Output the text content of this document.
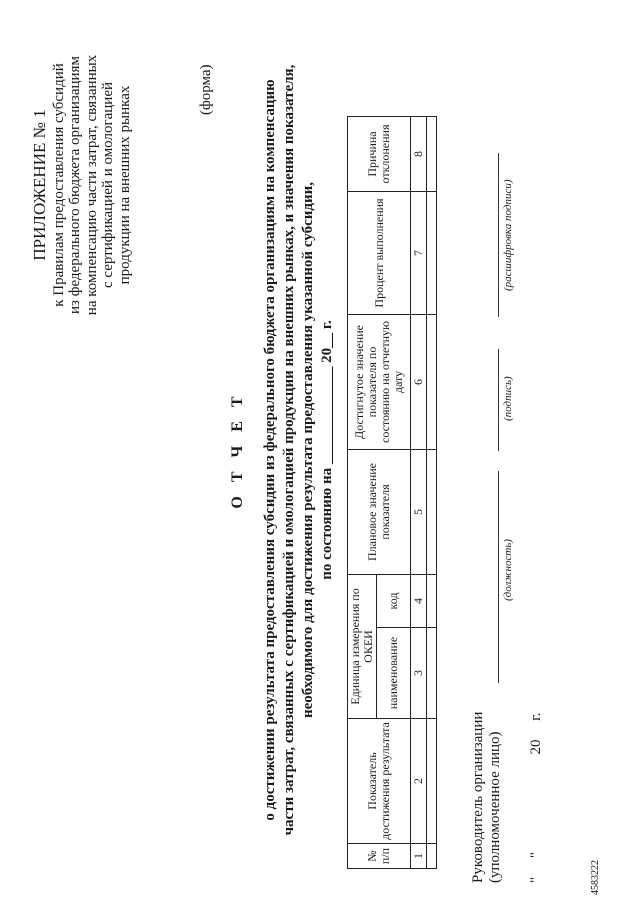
ПРИЛОЖЕНИЕ № 1 к Правилам предоставления субсидий из федерального бюджета организациям на компенсацию части затрат, связанных с сертификацией и омологацией продукции на внешних рынках	(форма)
О Т Ч Е Т о достижении результата предоставления субсидии из федерального бюджета организациям на компенсацию части затрат, связанных с сертификацией и омологацией продукции на внешних рынках, и значения показателя, необходимого для достижения результата предоставления указанной субсидии, по состоянию на _____________ 20__ г.
№ п/п	Показатель достижения результата	Единица измерения по ОКЕИ		Плановое значение показателя	Достигнутое значение показателя по состоянию на отчетную дату	Процент выполнения	Причина отклонения
		наименование	код				
1	2	3	4	5	6	7	8

Руководитель организации (уполномоченное лицо)
(должность)
(подпись)
(расшифровка подписи)
"     "                          20     г.	4583222
